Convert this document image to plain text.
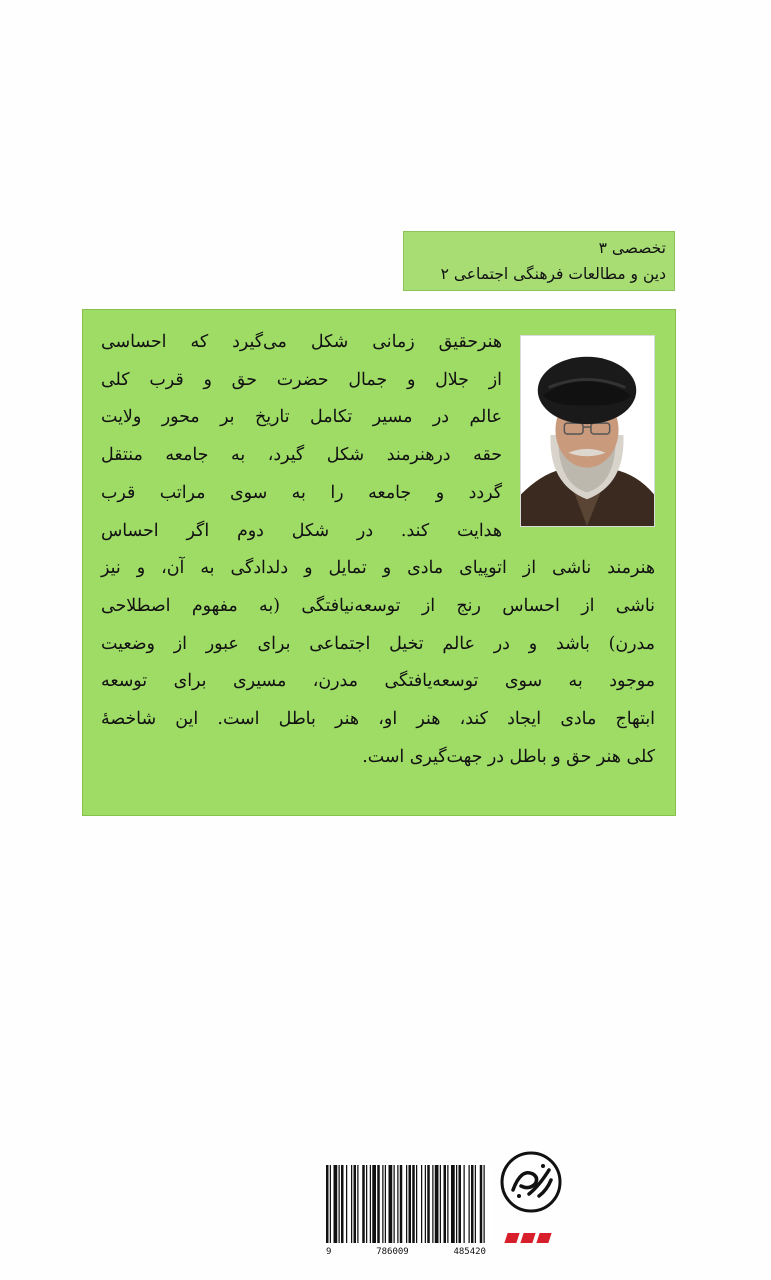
تخصصی ۳
دین و مطالعات فرهنگی اجتماعی ۲
هنرحقیق زمانی شکل می‌گیرد که احساسی
از جلال و جمال حضرت حق و قرب کلی
عالم در مسیر تکامل تاریخ بر محور ولایت
حقه درهنرمند شکل گیرد، به جامعه منتقل
گردد و جامعه را به سوی مراتب قرب
هدایت کند. در شکل دوم اگر احساس
هنرمند ناشی از اتوپیای مادی و تمایل و دلدادگی به آن، و نیز
ناشی از احساس رنج از توسعه‌نیافتگی (به مفهوم اصطلاحی
مدرن) باشد و در عالم تخیل اجتماعی برای عبور از وضعیت
موجود به سوی توسعه‌یافتگی مدرن، مسیری برای توسعه
ابتهاج مادی ایجاد کند، هنر او، هنر باطل است. این شاخصهٔ
کلی هنر حق و باطل در جهت‌گیری است.
9	786009	485420
